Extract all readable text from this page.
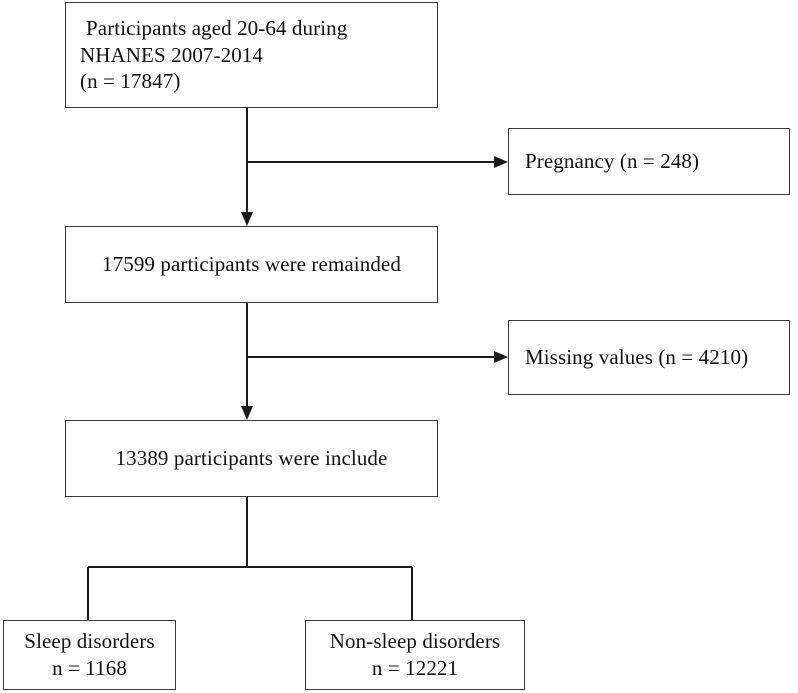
Participants aged 20-64 during
NHANES 2007-2014
(n = 17847)
Pregnancy (n = 248)
17599 participants were remainded
Missing values (n = 4210)
13389 participants were include
Sleep disorders
n = 1168
Non-sleep disorders
n = 12221
